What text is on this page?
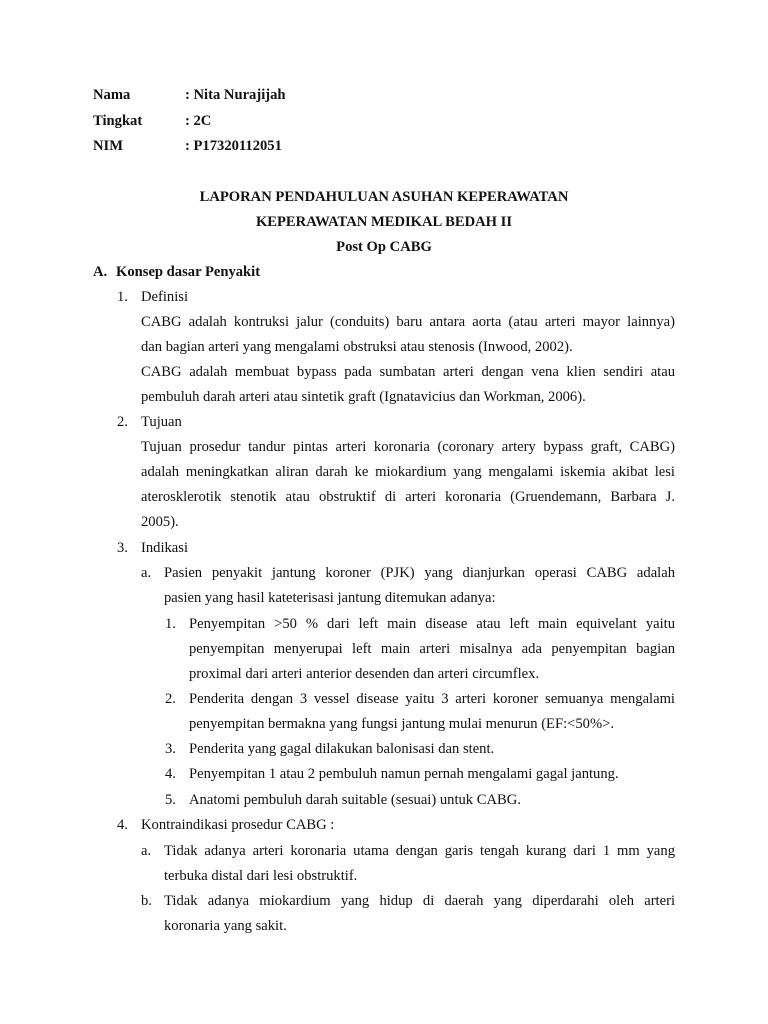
Nama	: Nita Nurajijah
Tingkat	: 2C
NIM	: P17320112051
LAPORAN PENDAHULUAN ASUHAN KEPERAWATAN
KEPERAWATAN MEDIKAL BEDAH II
Post Op CABG
A. Konsep dasar Penyakit
1. Definisi
CABG adalah kontruksi jalur (conduits) baru antara aorta (atau arteri mayor lainnya)
dan bagian arteri yang mengalami obstruksi atau stenosis (Inwood, 2002).
CABG adalah membuat bypass pada sumbatan arteri dengan vena klien sendiri atau
pembuluh darah arteri atau sintetik graft (Ignatavicius dan Workman, 2006).
2. Tujuan
Tujuan prosedur tandur pintas arteri koronaria (coronary artery bypass graft, CABG)
adalah meningkatkan aliran darah ke miokardium yang mengalami iskemia akibat lesi
aterosklerotik stenotik atau obstruktif di arteri koronaria (Gruendemann, Barbara J.
2005).
3. Indikasi
a. Pasien penyakit jantung koroner (PJK) yang dianjurkan operasi CABG adalah
pasien yang hasil kateterisasi jantung ditemukan adanya:
1. Penyempitan >50 % dari left main disease atau left main equivelant yaitu
penyempitan menyerupai left main arteri misalnya ada penyempitan bagian
proximal dari arteri anterior desenden dan arteri circumflex.
2. Penderita dengan 3 vessel disease yaitu 3 arteri koroner semuanya mengalami
penyempitan bermakna yang fungsi jantung mulai menurun (EF:<50%>.
3. Penderita yang gagal dilakukan balonisasi dan stent.
4. Penyempitan 1 atau 2 pembuluh namun pernah mengalami gagal jantung.
5. Anatomi pembuluh darah suitable (sesuai) untuk CABG.
4. Kontraindikasi prosedur CABG :
a. Tidak adanya arteri koronaria utama dengan garis tengah kurang dari 1 mm yang
terbuka distal dari lesi obstruktif.
b. Tidak adanya miokardium yang hidup di daerah yang diperdarahi oleh arteri
koronaria yang sakit.
